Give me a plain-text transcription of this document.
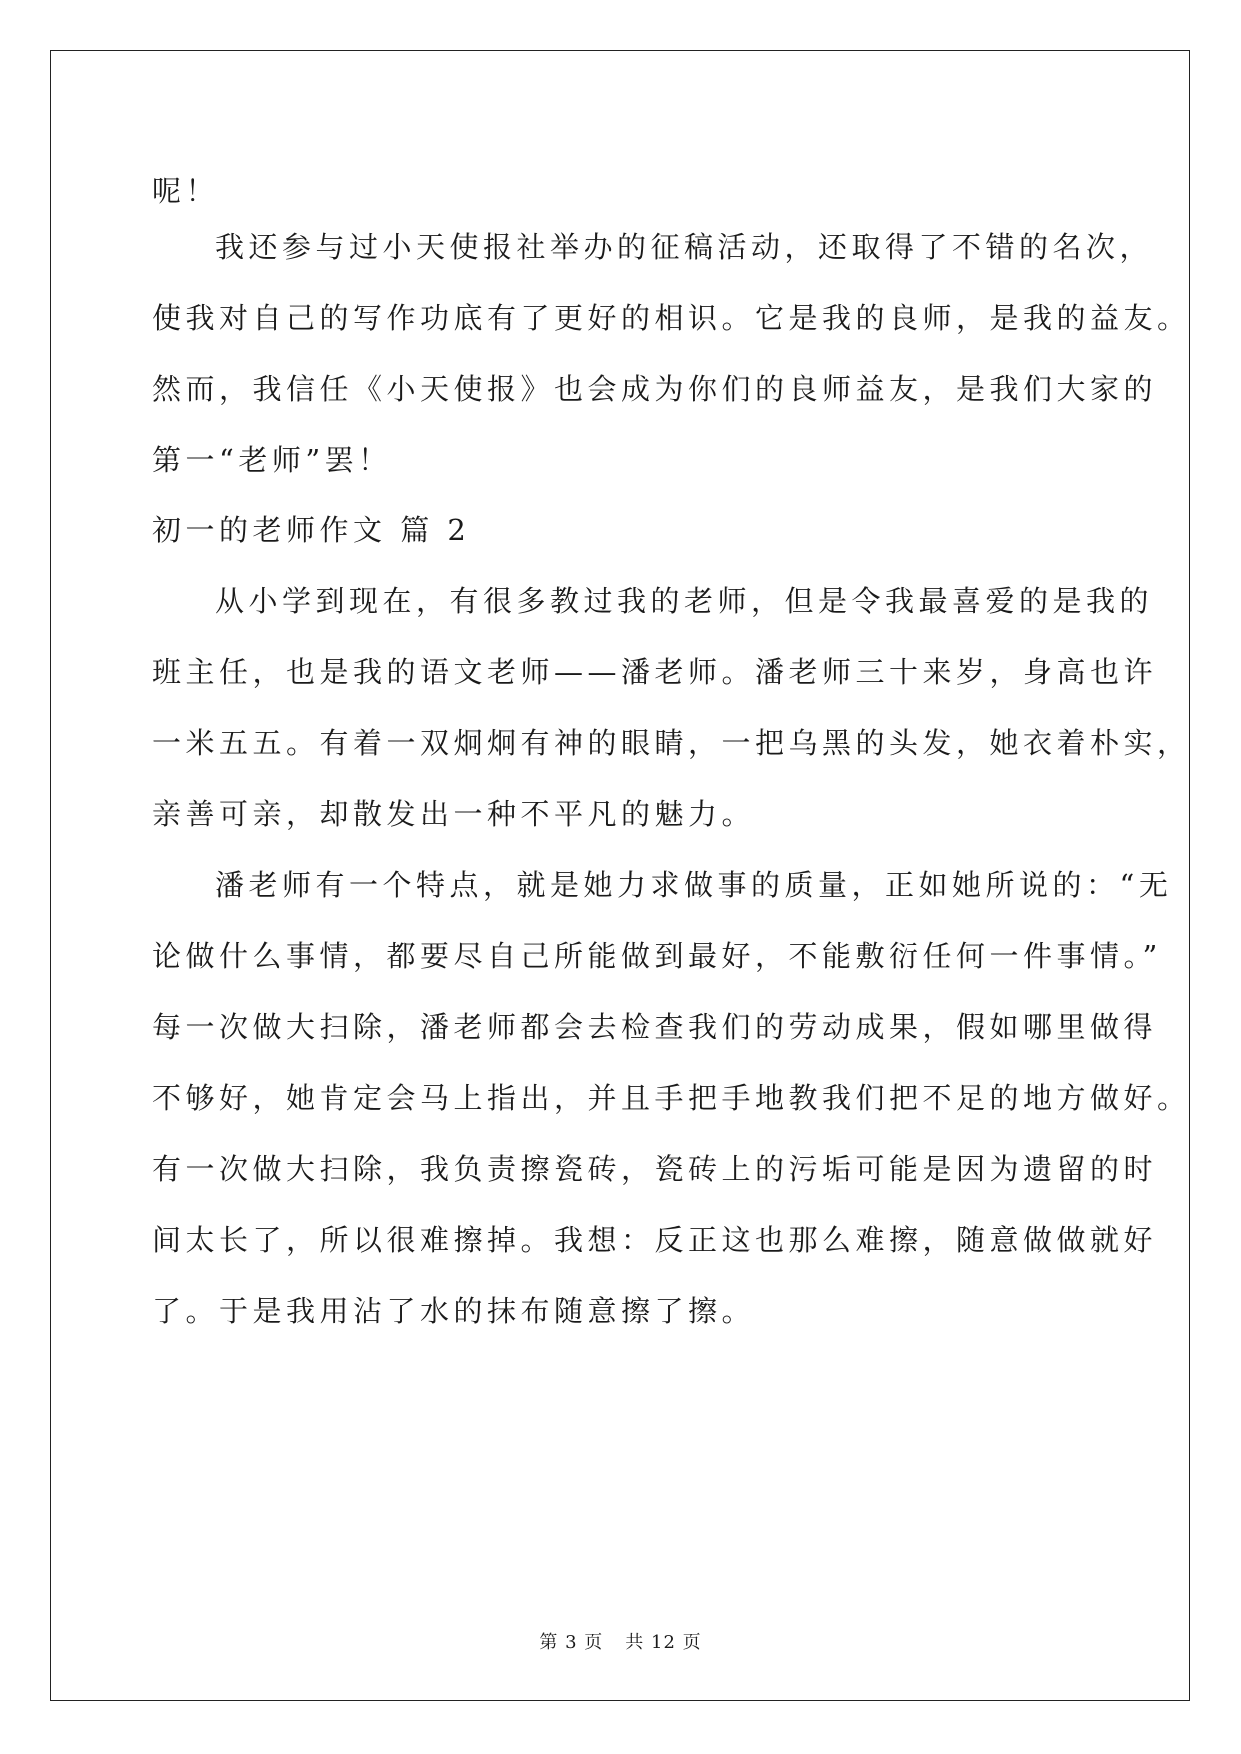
呢！

我还参与过小天使报社举办的征稿活动，还取得了不错的名次，

使我对自己的写作功底有了更好的相识。它是我的良师，是我的益友。

然而，我信任《小天使报》也会成为你们的良师益友，是我们大家的

第一“老师”罢！

初一的老师作文 篇 2

从小学到现在，有很多教过我的老师，但是令我最喜爱的是我的

班主任，也是我的语文老师——潘老师。潘老师三十来岁，身高也许

一米五五。有着一双炯炯有神的眼睛，一把乌黑的头发，她衣着朴实，

亲善可亲，却散发出一种不平凡的魅力。

潘老师有一个特点，就是她力求做事的质量，正如她所说的：“无

论做什么事情，都要尽自己所能做到最好，不能敷衍任何一件事情。”

每一次做大扫除，潘老师都会去检查我们的劳动成果，假如哪里做得

不够好，她肯定会马上指出，并且手把手地教我们把不足的地方做好。

有一次做大扫除，我负责擦瓷砖，瓷砖上的污垢可能是因为遗留的时

间太长了，所以很难擦掉。我想：反正这也那么难擦，随意做做就好

了。于是我用沾了水的抹布随意擦了擦。

第 3 页 共 12 页
